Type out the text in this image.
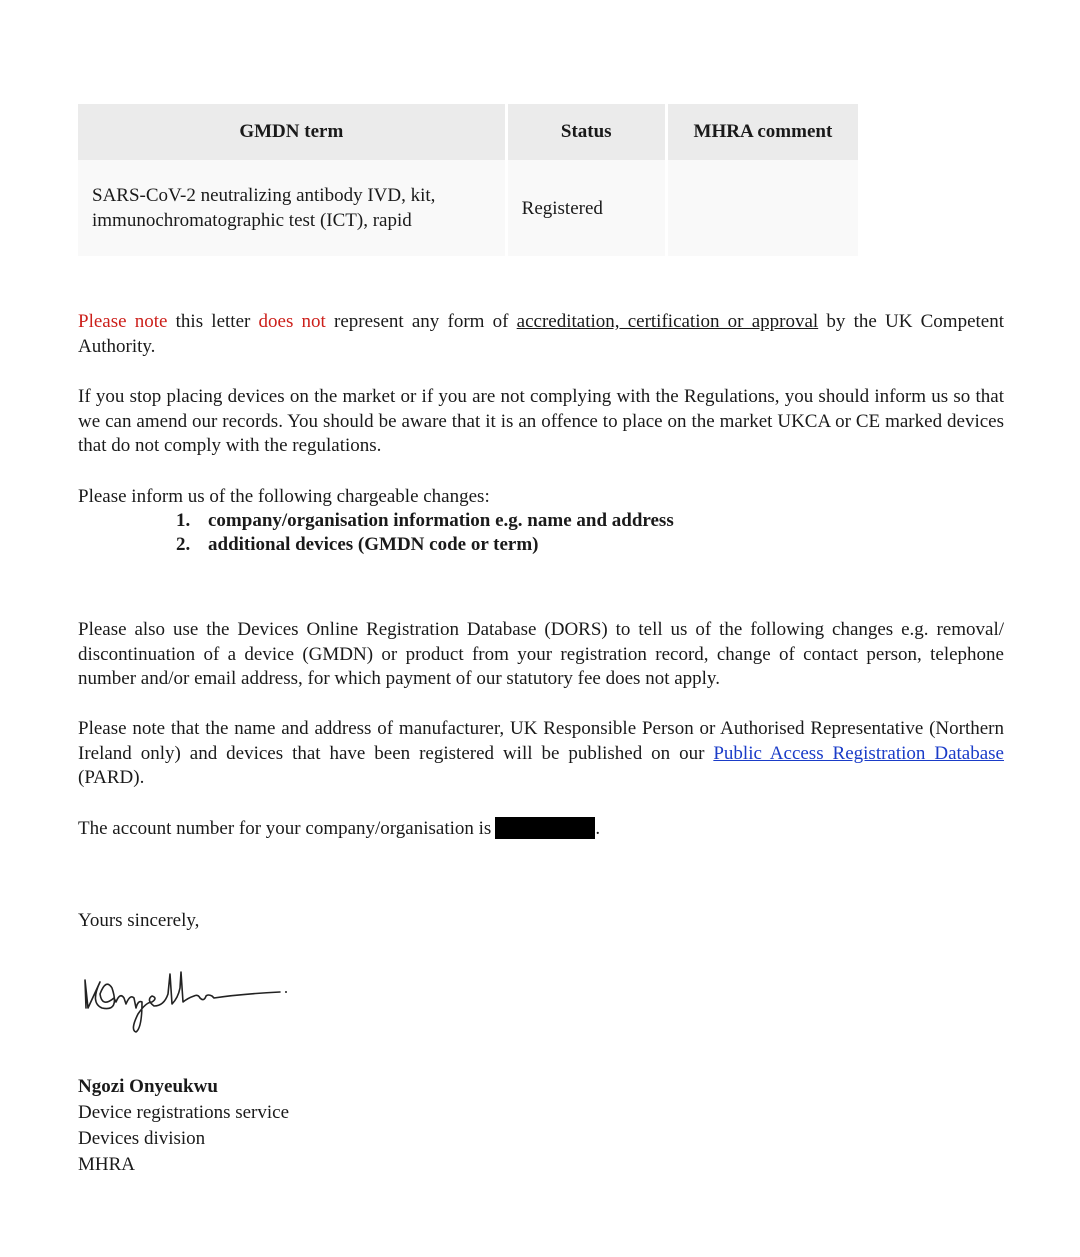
GMDN term	Status	MHRA comment
SARS-CoV-2 neutralizing antibody IVD, kit,
immunochromatographic test (ICT), rapid	Registered	

Please note this letter does not represent any form of accreditation, certification or approval by the UK Competent Authority.

If you stop placing devices on the market or if you are not complying with the Regulations, you should inform us so that we can amend our records. You should be aware that it is an offence to place on the market UKCA or CE marked devices that do not comply with the regulations.

Please inform us of the following chargeable changes:

1. company/organisation information e.g. name and address
2. additional devices (GMDN code or term)

Please also use the Devices Online Registration Database (DORS) to tell us of the following changes e.g. removal/ discontinuation of a device (GMDN) or product from your registration record, change of contact person, telephone number and/or email address, for which payment of our statutory fee does not apply.

Please note that the name and address of manufacturer, UK Responsible Person or Authorised Representative (Northern Ireland only) and devices that have been registered will be published on our Public Access Registration Database (PARD).

The account number for your company/organisation is	.

Yours sincerely,

Ngozi Onyeukwu
Device registrations service
Devices division
MHRA
